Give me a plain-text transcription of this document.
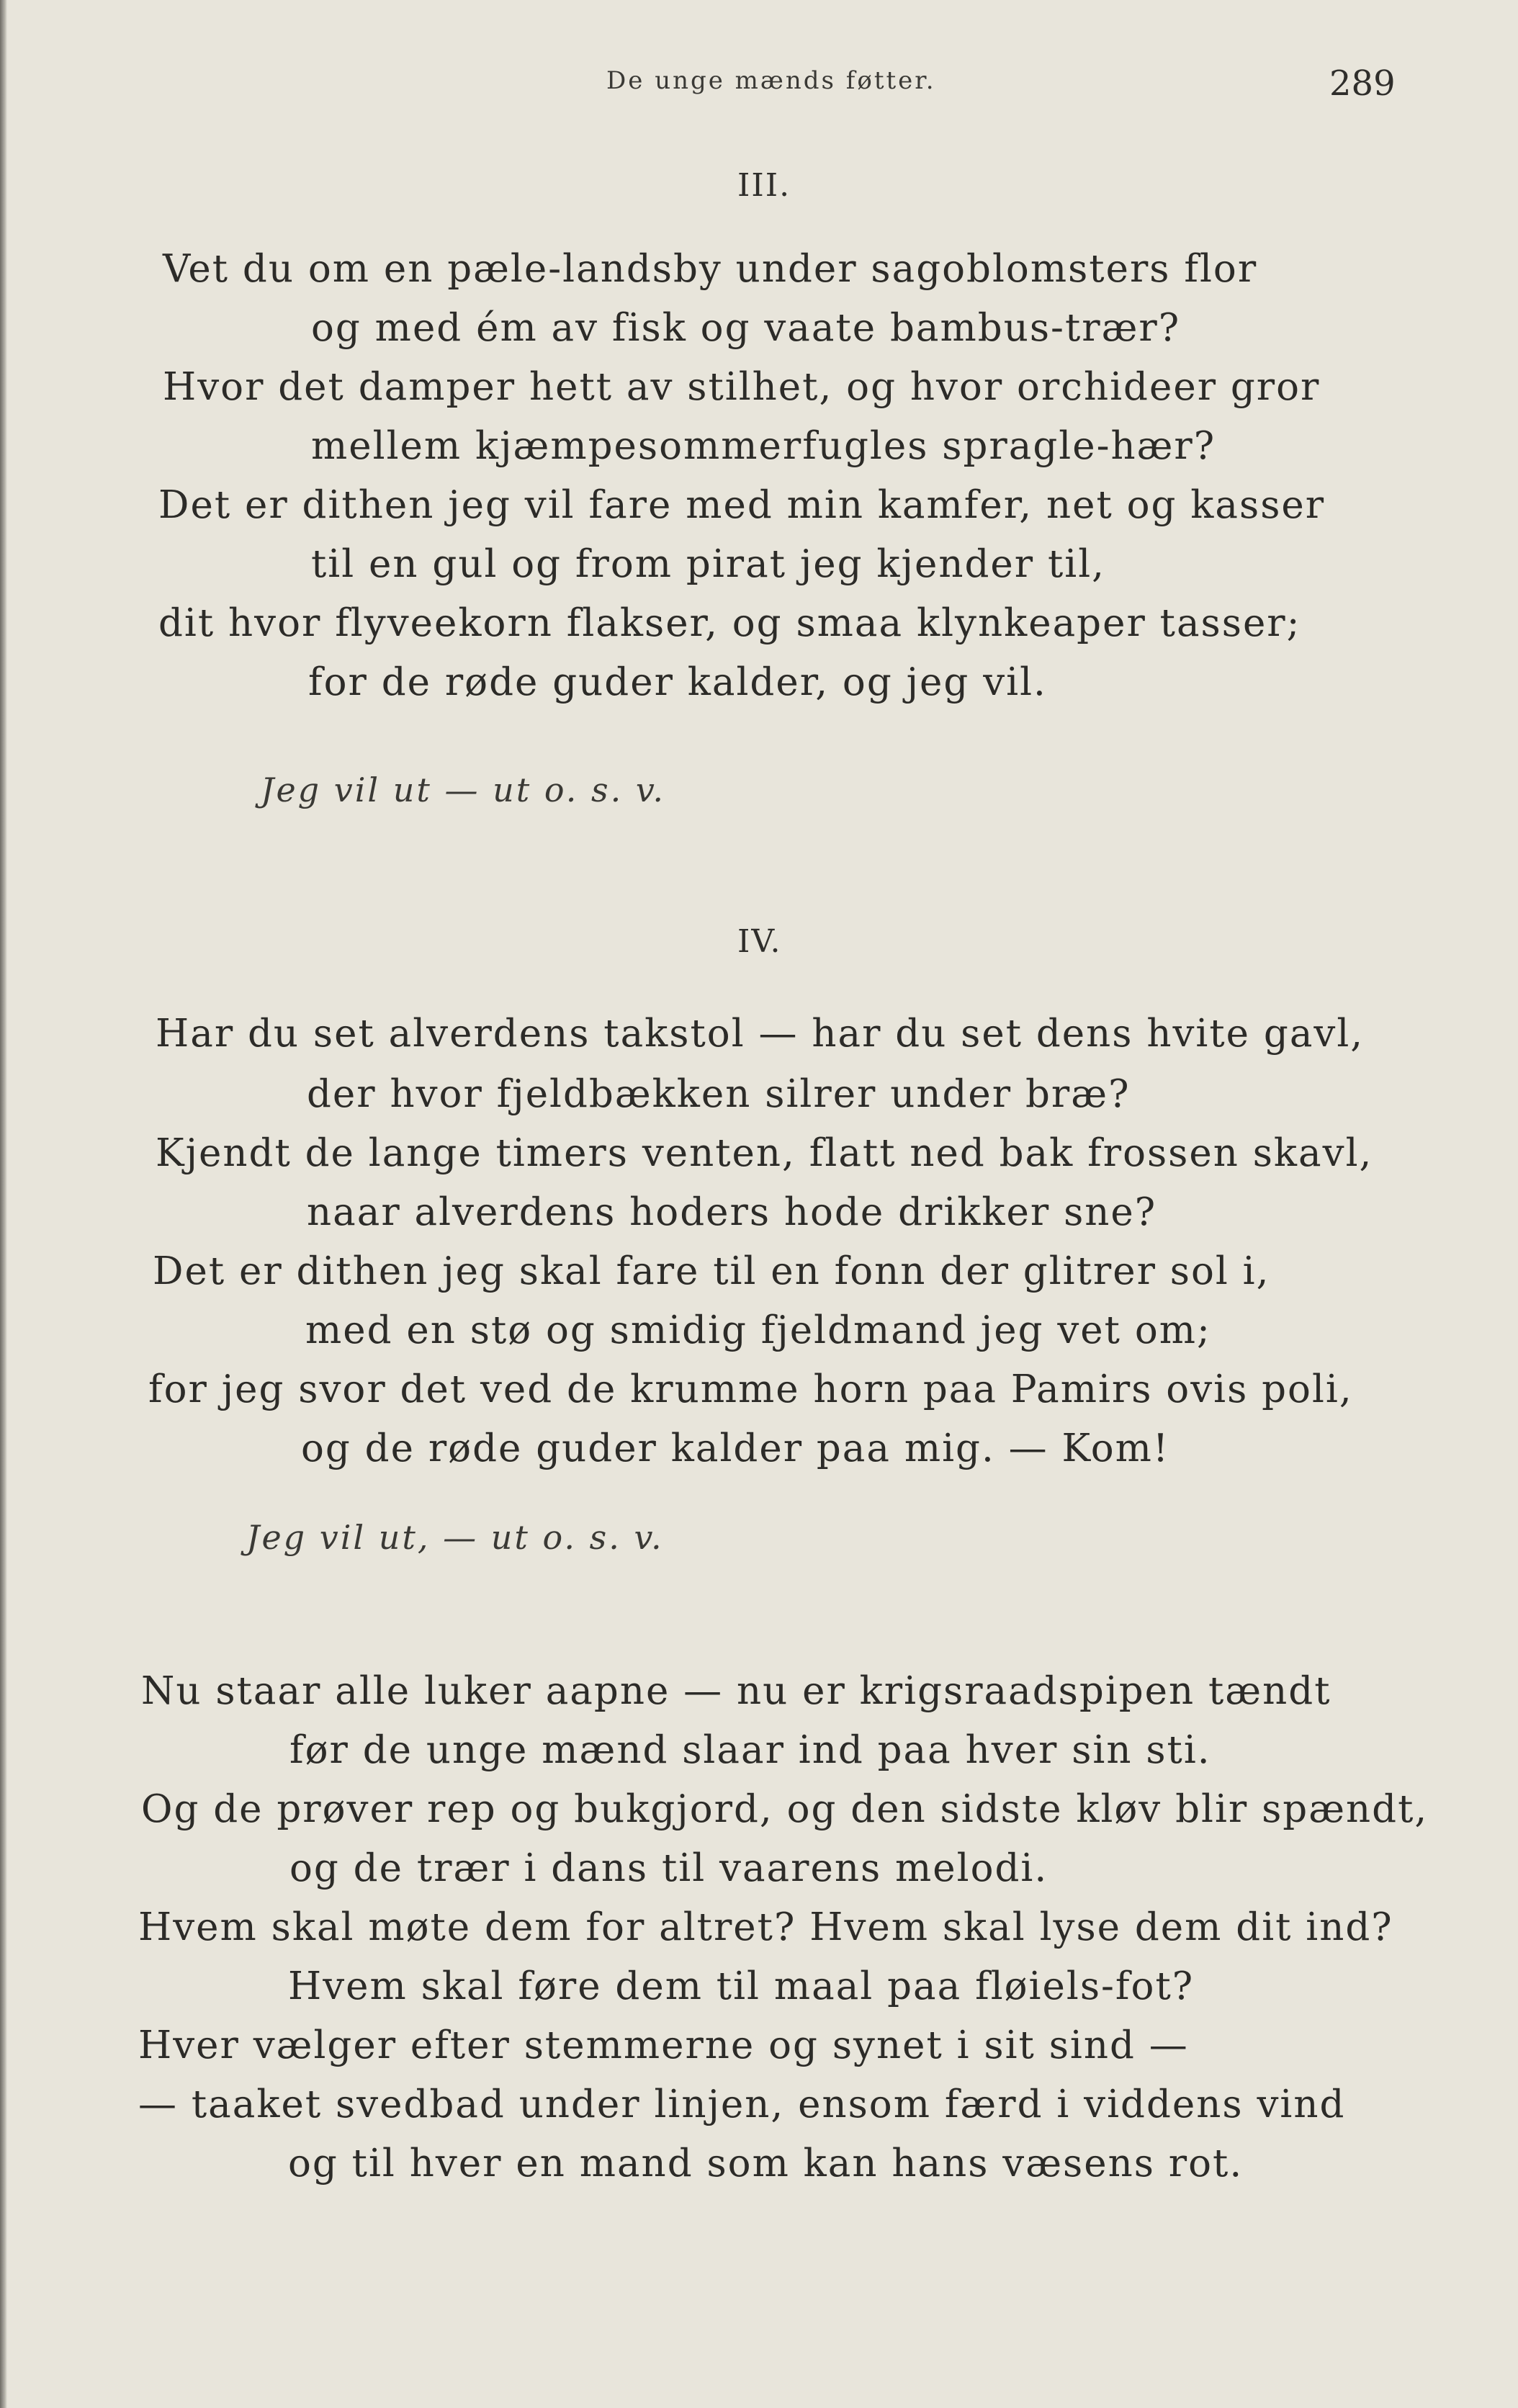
De unge mænds føtter.	289
III.
Vet du om en pæle-landsby under sagoblomsters flor
og med ém av fisk og vaate bambus-trær?
Hvor det damper hett av stilhet, og hvor orchideer gror
mellem kjæmpesommerfugles spragle-hær?
Det er dithen jeg vil fare med min kamfer, net og kasser
til en gul og from pirat jeg kjender til,
dit hvor flyveekorn flakser, og smaa klynkeaper tasser;
for de røde guder kalder, og jeg vil.
Jeg vil ut — ut o. s. v.
IV.
Har du set alverdens takstol — har du set dens hvite gavl,
der hvor fjeldbækken silrer under bræ?
Kjendt de lange timers venten, flatt ned bak frossen skavl,
naar alverdens hoders hode drikker sne?
Det er dithen jeg skal fare til en fonn der glitrer sol i,
med en stø og smidig fjeldmand jeg vet om;
for jeg svor det ved de krumme horn paa Pamirs ovis poli,
og de røde guder kalder paa mig. — Kom!
Jeg vil ut, — ut o. s. v.
Nu staar alle luker aapne — nu er krigsraadspipen tændt
før de unge mænd slaar ind paa hver sin sti.
Og de prøver rep og bukgjord, og den sidste kløv blir spændt,
og de trær i dans til vaarens melodi.
Hvem skal møte dem for altret? Hvem skal lyse dem dit ind?
Hvem skal føre dem til maal paa fløiels-fot?
Hver vælger efter stemmerne og synet i sit sind —
— taaket svedbad under linjen, ensom færd i viddens vind
og til hver en mand som kan hans væsens rot.
